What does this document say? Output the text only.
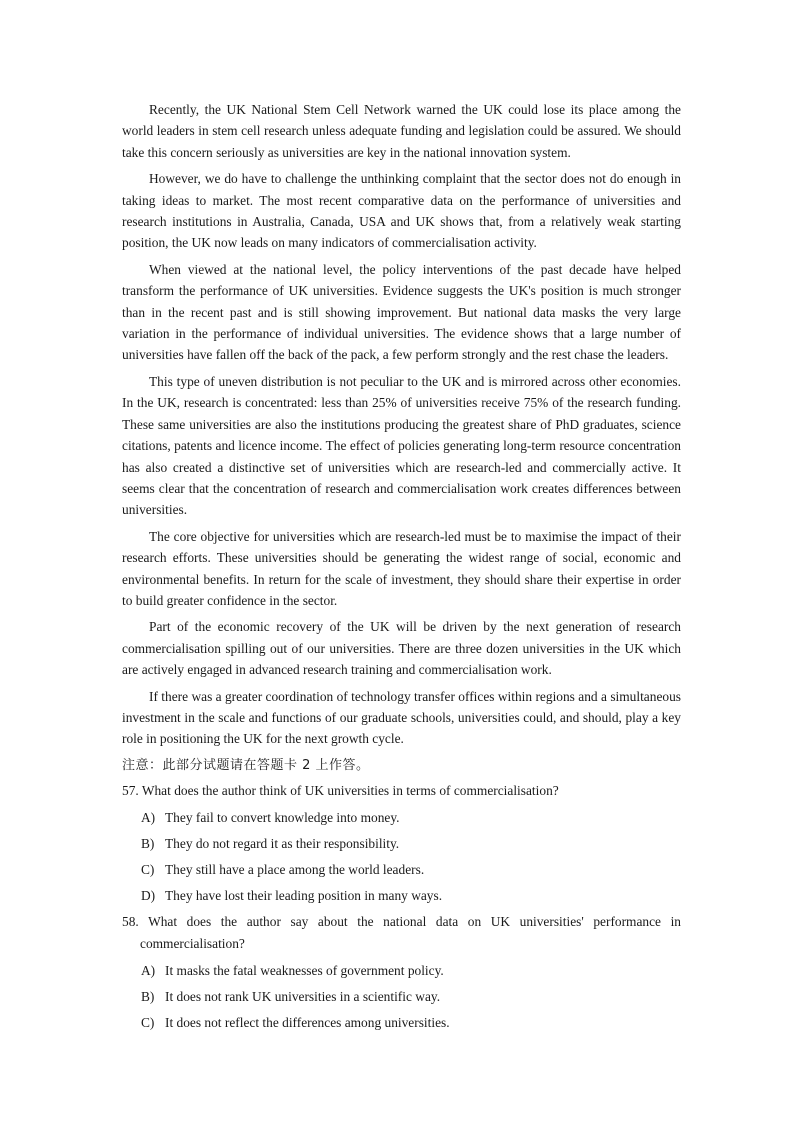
Recently, the UK National Stem Cell Network warned the UK could lose its place among the world leaders in stem cell research unless adequate funding and legislation could be assured. We should take this concern seriously as universities are key in the national innovation system.

However, we do have to challenge the unthinking complaint that the sector does not do enough in taking ideas to market. The most recent comparative data on the performance of universities and research institutions in Australia, Canada, USA and UK shows that, from a relatively weak starting position, the UK now leads on many indicators of commercialisation activity.

When viewed at the national level, the policy interventions of the past decade have helped transform the performance of UK universities. Evidence suggests the UK's position is much stronger than in the recent past and is still showing improvement. But national data masks the very large variation in the performance of individual universities. The evidence shows that a large number of universities have fallen off the back of the pack, a few perform strongly and the rest chase the leaders.

This type of uneven distribution is not peculiar to the UK and is mirrored across other economies. In the UK, research is concentrated: less than 25% of universities receive 75% of the research funding. These same universities are also the institutions producing the greatest share of PhD graduates, science citations, patents and licence income. The effect of policies generating long-term resource concentration has also created a distinctive set of universities which are research-led and commercially active. It seems clear that the concentration of research and commercialisation work creates differences between universities.

The core objective for universities which are research-led must be to maximise the impact of their research efforts. These universities should be generating the widest range of social, economic and environmental benefits. In return for the scale of investment, they should share their expertise in order to build greater confidence in the sector.

Part of the economic recovery of the UK will be driven by the next generation of research commercialisation spilling out of our universities. There are three dozen universities in the UK which are actively engaged in advanced research training and commercialisation work.

If there was a greater coordination of technology transfer offices within regions and a simultaneous investment in the scale and functions of our graduate schools, universities could, and should, play a key role in positioning the UK for the next growth cycle.

注意：此部分试题请在答题卡 2 上作答。

57. What does the author think of UK universities in terms of commercialisation?

A) They fail to convert knowledge into money.
B) They do not regard it as their responsibility.
C) They still have a place among the world leaders.
D) They have lost their leading position in many ways.

58. What does the author say about the national data on UK universities' performance in commercialisation?

A) It masks the fatal weaknesses of government policy.
B) It does not rank UK universities in a scientific way.
C) It does not reflect the differences among universities.
